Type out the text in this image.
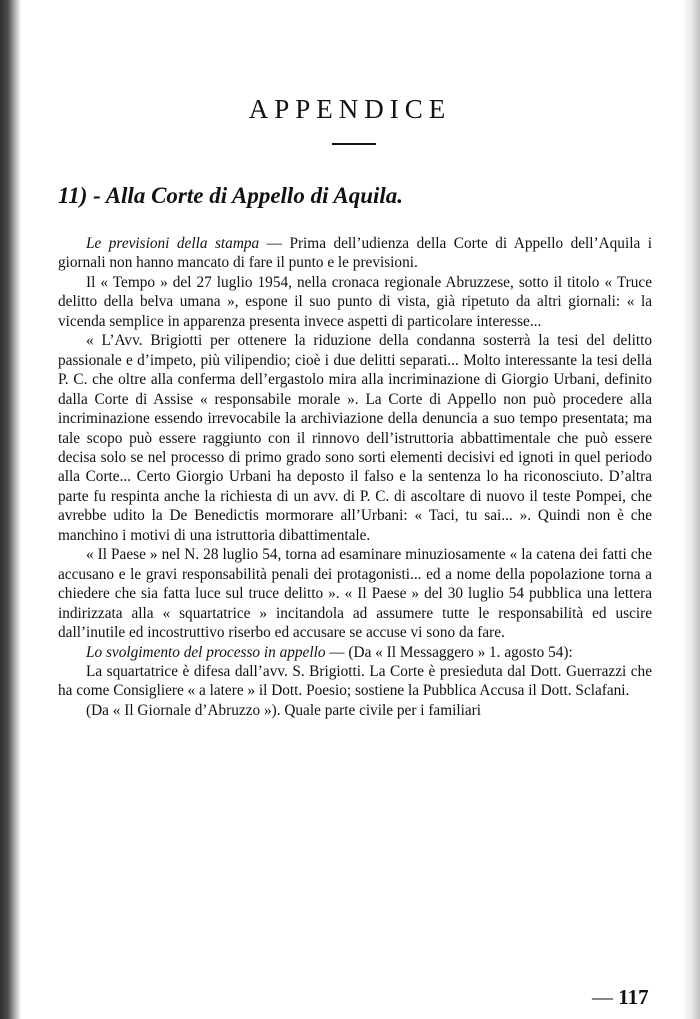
APPENDICE
11) - Alla Corte di Appello di Aquila.

Le previsioni della stampa — Prima dell’udienza della Corte di Appello dell’Aquila i giornali non hanno mancato di fare il punto e le previsioni.

Il « Tempo » del 27 luglio 1954, nella cronaca regionale Abruzzese, sotto il titolo « Truce delitto della belva umana », espone il suo punto di vista, già ripetuto da altri giornali: « la vicenda semplice in apparenza presenta invece aspetti di particolare interesse...

« L’Avv. Brigiotti per ottenere la riduzione della condanna sosterrà la tesi del delitto passionale e d’impeto, più vilipendio; cioè i due delitti separati... Molto interessante la tesi della P. C. che oltre alla conferma dell’ergastolo mira alla incriminazione di Giorgio Urbani, definito dalla Corte di Assise « responsabile morale ». La Corte di Appello non può procedere alla incriminazione essendo irrevocabile la archiviazione della denuncia a suo tempo presentata; ma tale scopo può essere raggiunto con il rinnovo dell’istruttoria abbattimentale che può essere decisa solo se nel processo di primo grado sono sorti elementi decisivi ed ignoti in quel periodo alla Corte... Certo Giorgio Urbani ha deposto il falso e la sentenza lo ha riconosciuto. D’altra parte fu respinta anche la richiesta di un avv. di P. C. di ascoltare di nuovo il teste Pompei, che avrebbe udito la De Benedictis mormorare all’Urbani: « Taci, tu sai... ». Quindi non è che manchino i motivi di una istruttoria dibattimentale.

« Il Paese » nel N. 28 luglio 54, torna ad esaminare minuziosamente « la catena dei fatti che accusano e le gravi responsabilità penali dei protagonisti... ed a nome della popolazione torna a chiedere che sia fatta luce sul truce delitto ». « Il Paese » del 30 luglio 54 pubblica una lettera indirizzata alla « squartatrice » incitandola ad assumere tutte le responsabilità ed uscire dall’inutile ed incostruttivo riserbo ed accusare se accuse vi sono da fare.

Lo svolgimento del processo in appello — (Da « Il Messaggero » 1. agosto 54):

La squartatrice è difesa dall’avv. S. Brigiotti. La Corte è presieduta dal Dott. Guerrazzi che ha come Consigliere « a latere » il Dott. Poesio; sostiene la Pubblica Accusa il Dott. Sclafani.

(Da « Il Giornale d’Abruzzo »). Quale parte civile per i familiari

— 117
